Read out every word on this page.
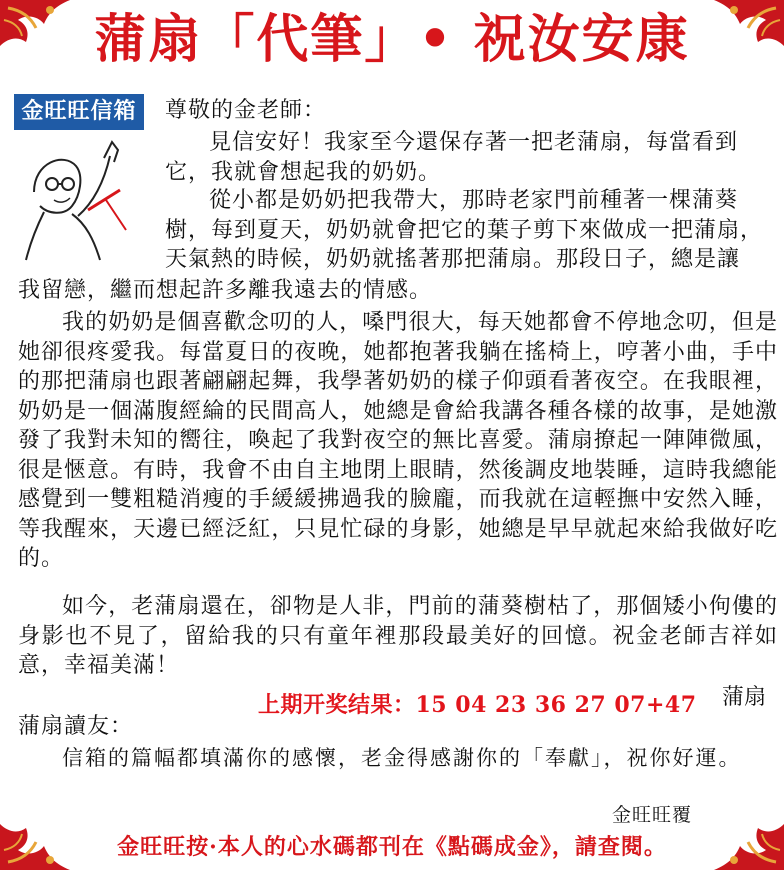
蒲扇「代筆」• 祝汝安康
金旺旺信箱	尊敬的金老師：
見信安好！我家至今還保存著一把老蒲扇，每當看到它，我就會想起我的奶奶。
從小都是奶奶把我帶大，那時老家門前種著一棵蒲葵樹，每到夏天，奶奶就會把它的葉子剪下來做成一把蒲扇，天氣熱的時候，奶奶就搖著那把蒲扇。那段日子，總是讓
我留戀，繼而想起許多離我遠去的情感。
我的奶奶是個喜歡念叨的人，嗓門很大，每天她都會不停地念叨，但是她卻很疼愛我。每當夏日的夜晚，她都抱著我躺在搖椅上，哼著小曲，手中的那把蒲扇也跟著翩翩起舞，我學著奶奶的樣子仰頭看著夜空。在我眼裡，奶奶是一個滿腹經綸的民間高人，她總是會給我講各種各樣的故事，是她激發了我對未知的嚮往，喚起了我對夜空的無比喜愛。蒲扇撩起一陣陣微風，很是愜意。有時，我會不由自主地閉上眼睛，然後調皮地裝睡，這時我總能感覺到一雙粗糙消瘦的手緩緩拂過我的臉龐，而我就在這輕撫中安然入睡，等我醒來，天邊已經泛紅，只見忙碌的身影，她總是早早就起來給我做好吃的。
如今，老蒲扇還在，卻物是人非，門前的蒲葵樹枯了，那個矮小佝僂的身影也不見了，留給我的只有童年裡那段最美好的回憶。祝金老師吉祥如意，幸福美滿！
蒲扇
上期开奖结果：15 04 23 36 27 07+47
蒲扇讀友：
信箱的篇幅都填滿你的感懷，老金得感謝你的「奉獻」，祝你好運。
金旺旺覆
金旺旺按·本人的心水碼都刊在《點碼成金》，請查閱。
